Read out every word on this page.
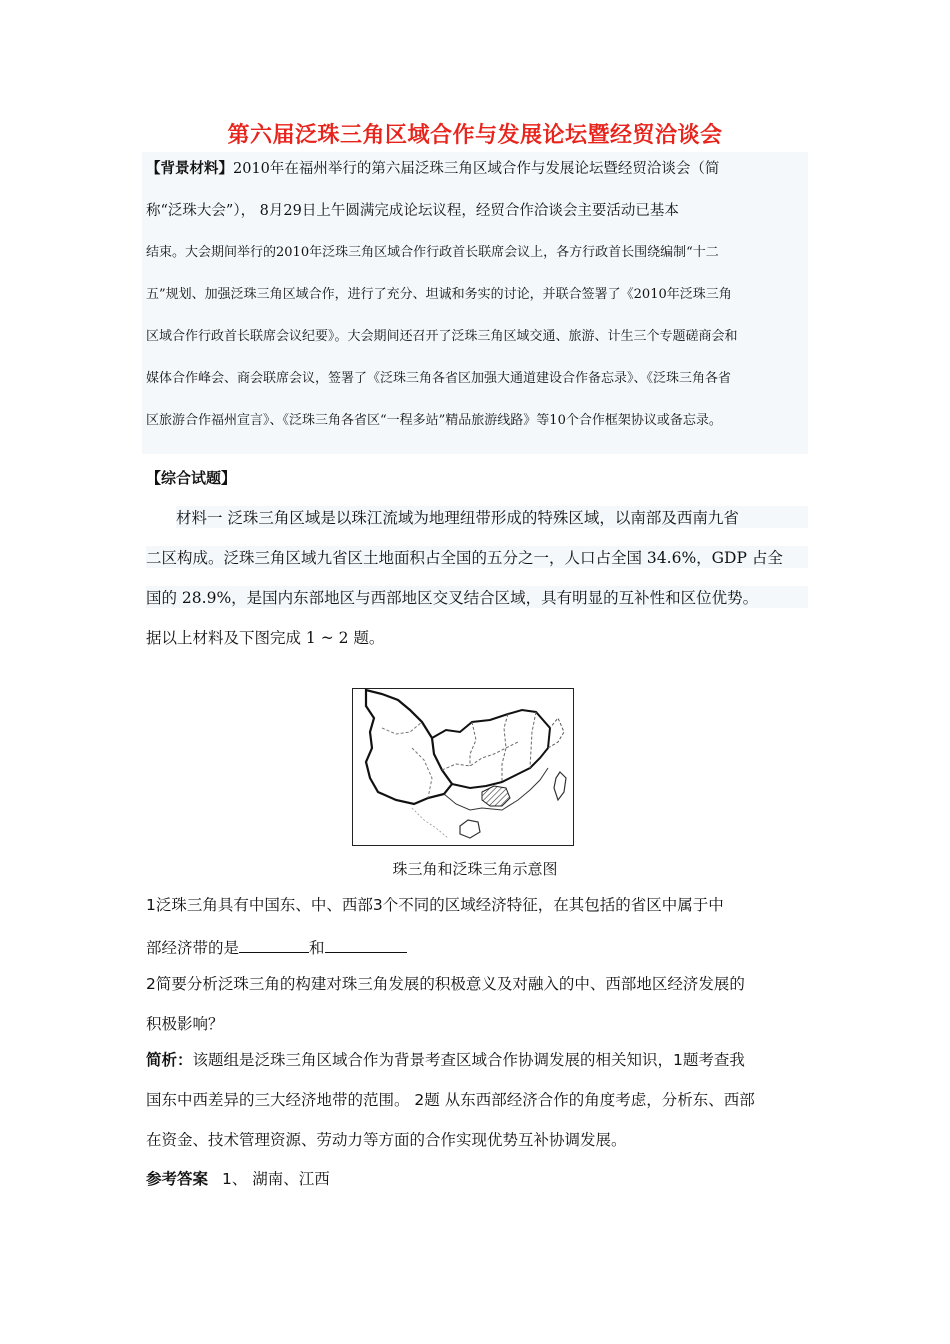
第六届泛珠三角区域合作与发展论坛暨经贸洽谈会
【背景材料】2010年在福州举行的第六届泛珠三角区域合作与发展论坛暨经贸洽谈会（简
称“泛珠大会”）， 8月29日上午圆满完成论坛议程，经贸合作洽谈会主要活动已基本
结束。大会期间举行的2010年泛珠三角区域合作行政首长联席会议上，各方行政首长围绕编制“十二
五”规划、加强泛珠三角区域合作，进行了充分、坦诚和务实的讨论，并联合签署了《2010年泛珠三角
区域合作行政首长联席会议纪要》。大会期间还召开了泛珠三角区域交通、旅游、计生三个专题磋商会和
媒体合作峰会、商会联席会议，签署了《泛珠三角各省区加强大通道建设合作备忘录》、《泛珠三角各省
区旅游合作福州宣言》、《泛珠三角各省区“一程多站”精品旅游线路》等10个合作框架协议或备忘录。
【综合试题】
材料一 泛珠三角区域是以珠江流域为地理纽带形成的特殊区域，以南部及西南九省
二区构成。泛珠三角区域九省区土地面积占全国的五分之一，人口占全国 34.6%，GDP 占全
国的 28.9%，是国内东部地区与西部地区交叉结合区域，具有明显的互补性和区位优势。
据以上材料及下图完成 1 ~ 2 题。
珠三角和泛珠三角示意图
1泛珠三角具有中国东、中、西部3个不同的区域经济特征，在其包括的省区中属于中
部经济带的是	和
2简要分析泛珠三角的构建对珠三角发展的积极意义及对融入的中、西部地区经济发展的
积极影响？
简析：该题组是泛珠三角区域合作为背景考查区域合作协调发展的相关知识，1题考查我
国东中西差异的三大经济地带的范围。 2题 从东西部经济合作的角度考虑，分析东、西部
在资金、技术管理资源、劳动力等方面的合作实现优势互补协调发展。
参考答案 1、 湖南、江西
